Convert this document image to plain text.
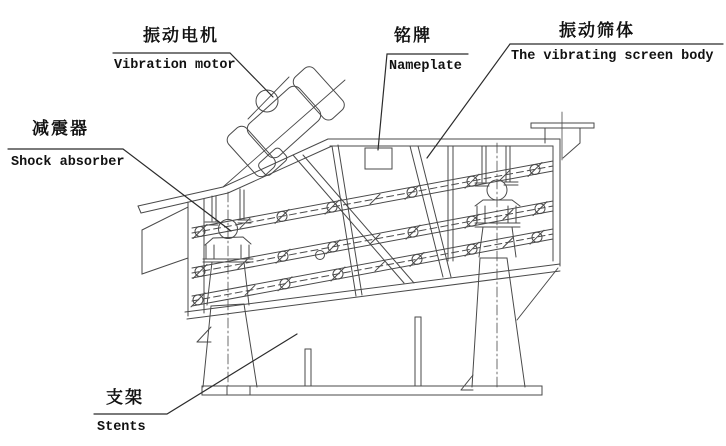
振动电机
Vibration motor
铭牌
Nameplate
振动筛体
The vibrating screen body
减震器
Shock absorber
支架
Stents
